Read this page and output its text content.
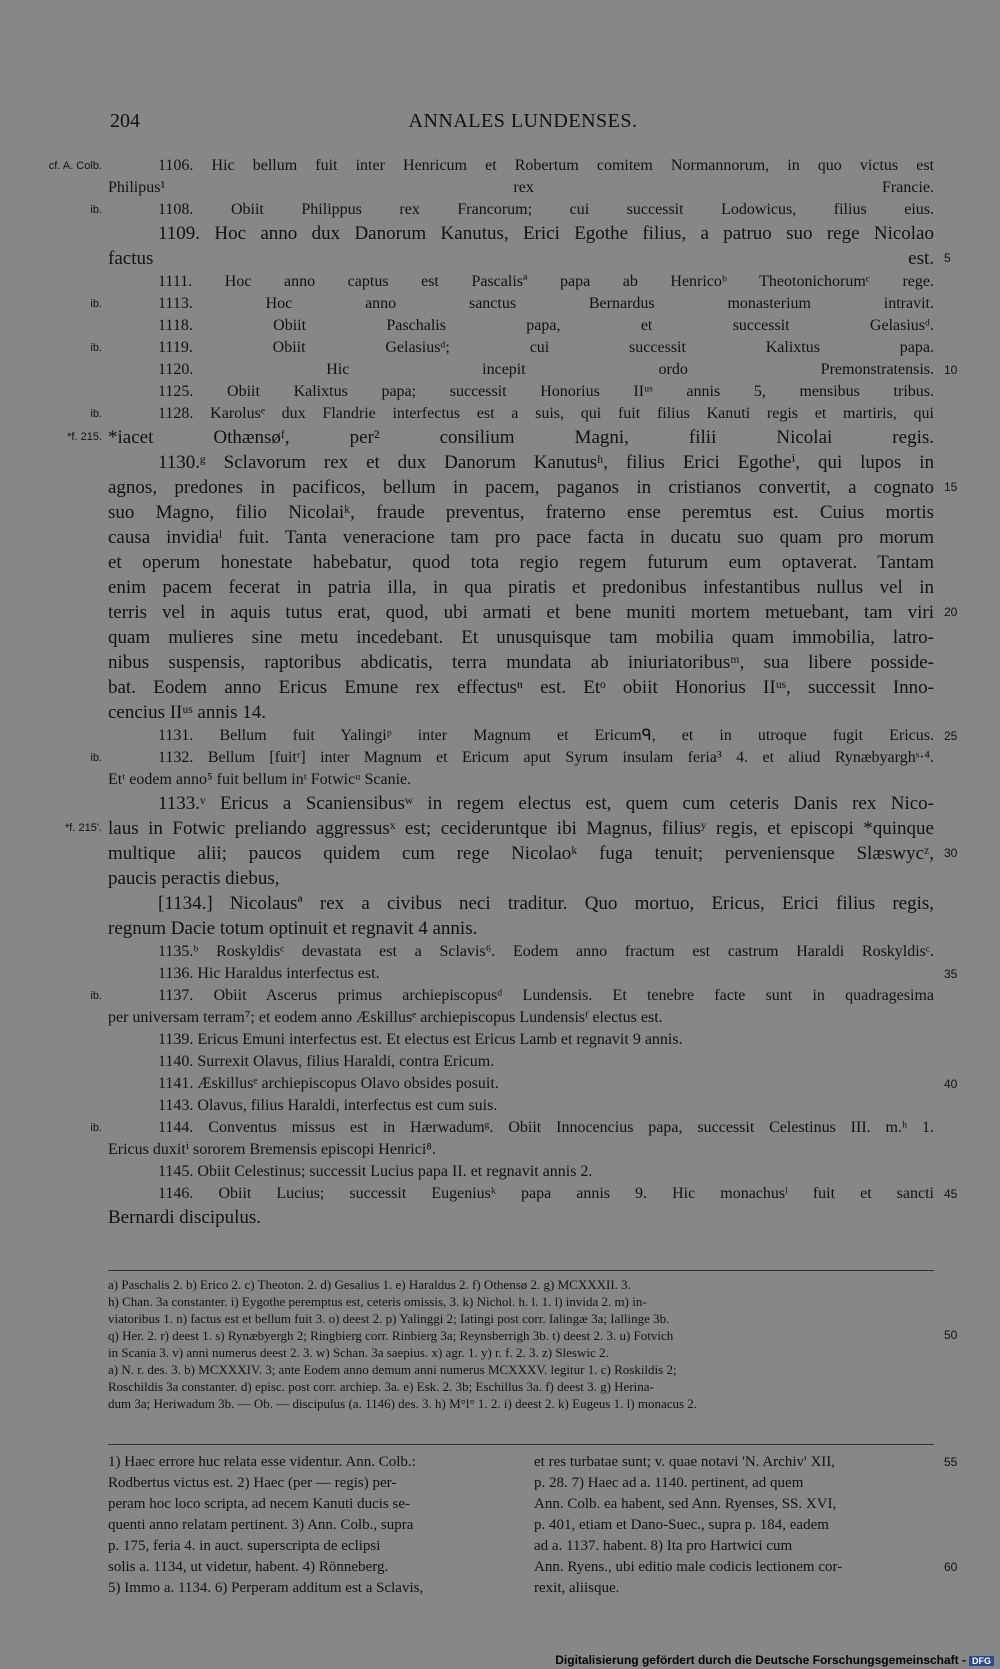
204	ANNALES LUNDENSES.
cf. A. Colb.	1106. Hic bellum fuit inter Henricum et Robertum comitem Normannorum, in quo victus est
Philipus¹ rex Francie.
ib.	1108. Obiit Philippus rex Francorum; cui successit Lodowicus, filius eius.
1109. Hoc anno dux Danorum Kanutus, Erici Egothe filius, a patruo suo rege Nicolao
factus est. 5
1111. Hoc anno captus est Pascalisª papa ab Henricoᵇ Theotonichorumᶜ rege.
ib.	1113. Hoc anno sanctus Bernardus monasterium intravit.
1118. Obiit Paschalis papa, et successit Gelasiusᵈ.
ib.	1119. Obiit Gelasiusᵈ; cui successit Kalixtus papa.
1120. Hic incepit ordo Premonstratensis. 10
1125. Obiit Kalixtus papa; successit Honorius IIᵘˢ annis 5, mensibus tribus.
ib.	1128. Karolusᵉ dux Flandrie interfectus est a suis, qui fuit filius Kanuti regis et martiris, qui
*f. 215. *iacet Othænsøᶠ, per² consilium Magni, filii Nicolai regis.
1130.ᵍ Sclavorum rex et dux Danorum Kanutusʰ, filius Erici Egotheⁱ, qui lupos in
agnos, predones in pacificos, bellum in pacem, paganos in cristianos convertit, a cognato 15
suo Magno, filio Nicolaiᵏ, fraude preventus, fraterno ense peremtus est. Cuius mortis
causa invidiaˡ fuit. Tanta veneracione tam pro pace facta in ducatu suo quam pro morum
et operum honestate habebatur, quod tota regio regem futurum eum optaverat. Tantam
enim pacem fecerat in patria illa, in qua piratis et predonibus infestantibus nullus vel in
terris vel in aquis tutus erat, quod, ubi armati et bene muniti mortem metuebant, tam viri 20
quam mulieres sine metu incedebant. Et unusquisque tam mobilia quam immobilia, latro-
nibus suspensis, raptoribus abdicatis, terra mundata ab iniuriatoribusᵐ, sua libere posside-
bat. Eodem anno Ericus Emune rex effectusⁿ est. Etᵒ obiit Honorius IIᵘˢ, successit Inno-
cencius IIᵘˢ annis 14.
1131. Bellum fuit Yalingiᵖ inter Magnum et Ericumᑫ, et in utroque fugit Ericus. 25
ib.	1132. Bellum [fuitʳ] inter Magnum et Ericum aput Syrum insulam feria³ 4. et aliud Rynæbyarghˢ·⁴.
Etᵗ eodem anno⁵ fuit bellum inᵗ Fotwicᵘ Scanie.
1133.ᵛ Ericus a Scaniensibusʷ in regem electus est, quem cum ceteris Danis rex Nico-
*f. 215'. laus in Fotwic preliando aggressusˣ est; cecideruntque ibi Magnus, filiusʸ regis, et episcopi *quinque
multique alii; paucos quidem cum rege Nicolaoᵏ fuga tenuit; perveniensque Slæswycᶻ, 30
paucis peractis diebus,
[1134.] Nicolausª rex a civibus neci traditur. Quo mortuo, Ericus, Erici filius regis,
regnum Dacie totum optinuit et regnavit 4 annis.
1135.ᵇ Roskyldisᶜ devastata est a Sclavis⁶. Eodem anno fractum est castrum Haraldi Roskyldisᶜ.
1136. Hic Haraldus interfectus est.	35
ib.	1137. Obiit Ascerus primus archiepiscopusᵈ Lundensis. Et tenebre facte sunt in quadragesima
per universam terram⁷; et eodem anno Æskillusᵉ archiepiscopus Lundensisᶠ electus est.
1139. Ericus Emuni interfectus est. Et electus est Ericus Lamb et regnavit 9 annis.
1140. Surrexit Olavus, filius Haraldi, contra Ericum.
1141. Æskillusᵉ archiepiscopus Olavo obsides posuit.	40
1143. Olavus, filius Haraldi, interfectus est cum suis.
ib.	1144. Conventus missus est in Hærwadumᵍ. Obiit Innocencius papa, successit Celestinus III. m.ʰ 1.
Ericus duxitⁱ sororem Bremensis episcopi Henrici⁸.
1145. Obiit Celestinus; successit Lucius papa II. et regnavit annis 2.
1146. Obiit Lucius; successit Eugeniusᵏ papa annis 9. Hic monachusˡ fuit et sancti 45
Bernardi discipulus.
a) Paschalis 2. b) Erico 2. c) Theoton. 2. d) Gesalius 1. e) Haraldus 2. f) Othensø 2. g) MCXXXII. 3.
h) Chan. 3a constanter. i) Eygothe peremptus est, ceteris omissis, 3. k) Nichol. h. l. 1. l) invida 2. m) in-
viatoribus 1. n) factus est et bellum fuit 3. o) deest 2. p) Yalinggi 2; Iatingi post corr. Ialingæ 3a; Iallinge 3b.
q) Her. 2. r) deest 1. s) Rynæbyergh 2; Ringbierg corr. Rinbierg 3a; Reynsberrigh 3b. t) deest 2. 3. u) Fotvich	50
in Scania 3. v) anni numerus deest 2. 3. w) Schan. 3a saepius. x) agr. 1. y) r. f. 2. 3. z) Sleswic 2.
a) N. r. des. 3. b) MCXXXIV. 3; ante Eodem anno demum anni numerus MCXXXV. legitur 1. c) Roskildis 2;
Roschildis 3a constanter. d) episc. post corr. archiep. 3a. e) Esk. 2. 3b; Eschillus 3a. f) deest 3. g) Herina-
dum 3a; Heriwadum 3b. — Ob. — discipulus (a. 1146) des. 3. h) M°l° 1. 2. i) deest 2. k) Eugeus 1. l) monacus 2.
1) Haec errore huc relata esse videntur. Ann. Colb.:
Rodbertus victus est. 2) Haec (per — regis) per-
peram hoc loco scripta, ad necem Kanuti ducis se-
quenti anno relatam pertinent. 3) Ann. Colb., supra
p. 175, feria 4. in auct. superscripta de eclipsi
solis a. 1134, ut videtur, habent. 4) Rönneberg.
5) Immo a. 1134. 6) Perperam additum est a Sclavis,
et res turbatae sunt; v. quae notavi 'N. Archiv' XII,	55
p. 28. 7) Haec ad a. 1140. pertinent, ad quem
Ann. Colb. ea habent, sed Ann. Ryenses, SS. XVI,
p. 401, etiam et Dano-Suec., supra p. 184, eadem
ad a. 1137. habent. 8) Ita pro Hartwici cum
Ann. Ryens., ubi editio male codicis lectionem cor-	60
rexit, aliisque.
Digitalisierung gefördert durch die Deutsche Forschungsgemeinschaft - DFG
